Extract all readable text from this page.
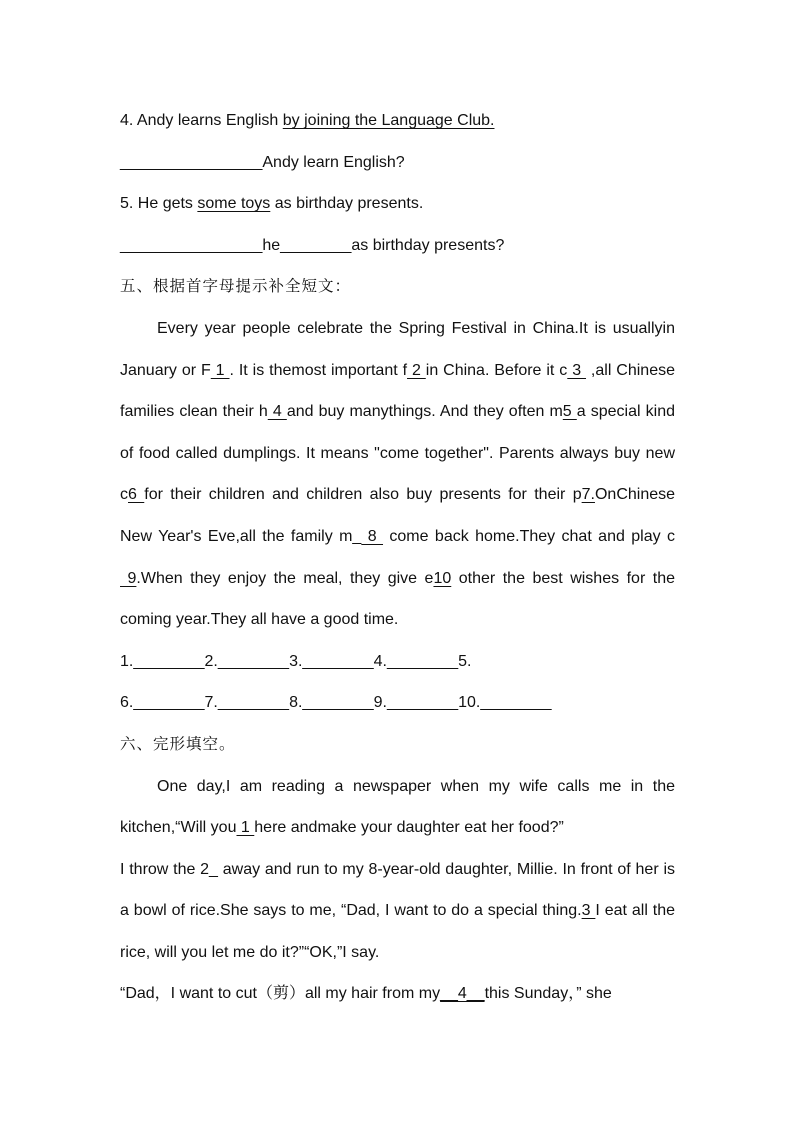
4. Andy learns English by joining the Language Club.
________________Andy learn English?
5. He gets some toys as birthday presents.
________________he________as birthday presents?
五、根据首字母提示补全短文：
Every year people celebrate the Spring Festival in China.It is usuallyin January or F 1 . It is themost important f 2 in China. Before it c 3  ,all Chinese families clean their h 4 and buy manythings. And they often m5 a special kind of food called dumplings. It means "come together". Parents always buy new c6 for their children and children also buy presents for their p7.OnChinese New Year's Eve,all the family m_ 8  come back home.They chat and play c 9.When they enjoy the meal, they give e10 other the best wishes for the coming year.They all have a good time.
1.________2.________3.________4.________5.
6.________7.________8.________9.________10.________
六、完形填空。
One day,I am reading a newspaper when my wife calls me in the kitchen,“Will you 1 here andmake your daughter eat her food?”
I throw the 2_ away and run to my 8-year-old daughter, Millie. In front of her is a bowl of rice.She says to me, “Dad, I want to do a special thing.3 I eat all the rice, will you let me do it?”“OK,”I say.
“Dad，I want to cut（剪）all my hair from my__4__this Sunday，” she
